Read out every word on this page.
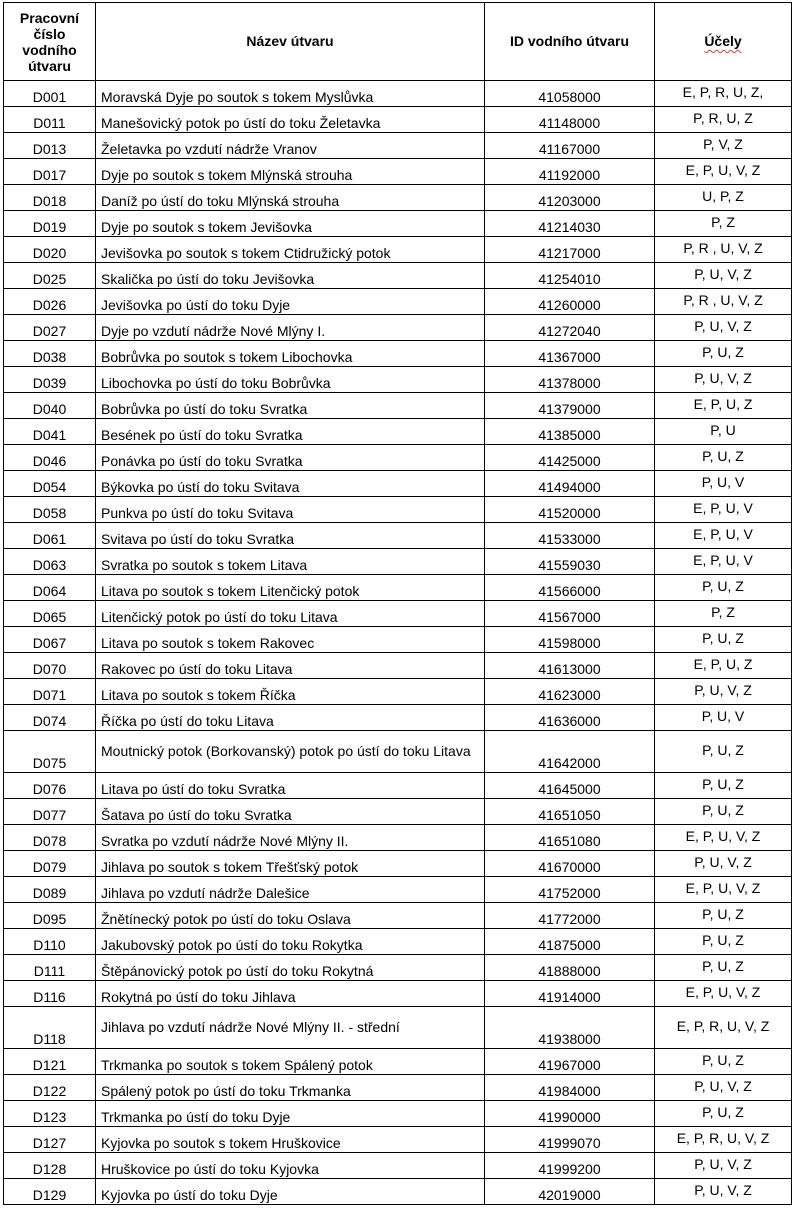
Pracovní
číslo
vodního
útvaru	Název útvaru	ID vodního útvaru	Účely
D001	Moravská Dyje po soutok s tokem Myslůvka	41058000	E, P, R, U, Z,
D011	Manešovický potok po ústí do toku Želetavka	41148000	P, R, U, Z
D013	Želetavka po vzdutí nádrže Vranov	41167000	P, V, Z
D017	Dyje po soutok s tokem Mlýnská strouha	41192000	E, P, U, V, Z
D018	Daníž po ústí do toku Mlýnská strouha	41203000	U, P, Z
D019	Dyje po soutok s tokem Jevišovka	41214030	P, Z
D020	Jevišovka po soutok s tokem Ctidružický potok	41217000	P, R , U, V, Z
D025	Skalička po ústí do toku Jevišovka	41254010	P, U, V, Z
D026	Jevišovka po ústí do toku Dyje	41260000	P, R , U, V, Z
D027	Dyje po vzdutí nádrže Nové Mlýny I.	41272040	P, U, V, Z
D038	Bobrůvka po soutok s tokem Libochovka	41367000	P, U, Z
D039	Libochovka po ústí do toku Bobrůvka	41378000	P, U, V, Z
D040	Bobrůvka po ústí do toku Svratka	41379000	E, P, U, Z
D041	Besének po ústí do toku Svratka	41385000	P, U
D046	Ponávka po ústí do toku Svratka	41425000	P, U, Z
D054	Býkovka po ústí do toku Svitava	41494000	P, U, V
D058	Punkva po ústí do toku Svitava	41520000	E, P, U, V
D061	Svitava po ústí do toku Svratka	41533000	E, P, U, V
D063	Svratka po soutok s tokem Litava	41559030	E, P, U, V
D064	Litava po soutok s tokem Litenčický potok	41566000	P, U, Z
D065	Litenčický potok po ústí do toku Litava	41567000	P, Z
D067	Litava po soutok s tokem Rakovec	41598000	P, U, Z
D070	Rakovec po ústí do toku Litava	41613000	E, P, U, Z
D071	Litava po soutok s tokem Říčka	41623000	P, U, V, Z
D074	Říčka po ústí do toku Litava	41636000	P, U, V
D075	Moutnický potok (Borkovanský) potok po ústí do toku Litava	41642000	P, U, Z
D076	Litava po ústí do toku Svratka	41645000	P, U, Z
D077	Šatava po ústí do toku Svratka	41651050	P, U, Z
D078	Svratka po vzdutí nádrže Nové Mlýny II.	41651080	E, P, U, V, Z
D079	Jihlava po soutok s tokem Třešťský potok	41670000	P, U, V, Z
D089	Jihlava po vzdutí nádrže Dalešice	41752000	E, P, U, V, Z
D095	Žnětínecký potok po ústí do toku Oslava	41772000	P, U, Z
D110	Jakubovský potok po ústí do toku Rokytka	41875000	P, U, Z
D111	Štěpánovický potok po ústí do toku Rokytná	41888000	P, U, Z
D116	Rokytná po ústí do toku Jihlava	41914000	E, P, U, V, Z
D118	Jihlava po vzdutí nádrže Nové Mlýny II. - střední	41938000	E, P, R, U, V, Z
D121	Trkmanka po soutok s tokem Spálený potok	41967000	P, U, Z
D122	Spálený potok po ústí do toku Trkmanka	41984000	P, U, V, Z
D123	Trkmanka po ústí do toku Dyje	41990000	P, U, Z
D127	Kyjovka po soutok s tokem Hruškovice	41999070	E, P, R, U, V, Z
D128	Hruškovice po ústí do toku Kyjovka	41999200	P, U, V, Z
D129	Kyjovka po ústí do toku Dyje	42019000	P, U, V, Z
